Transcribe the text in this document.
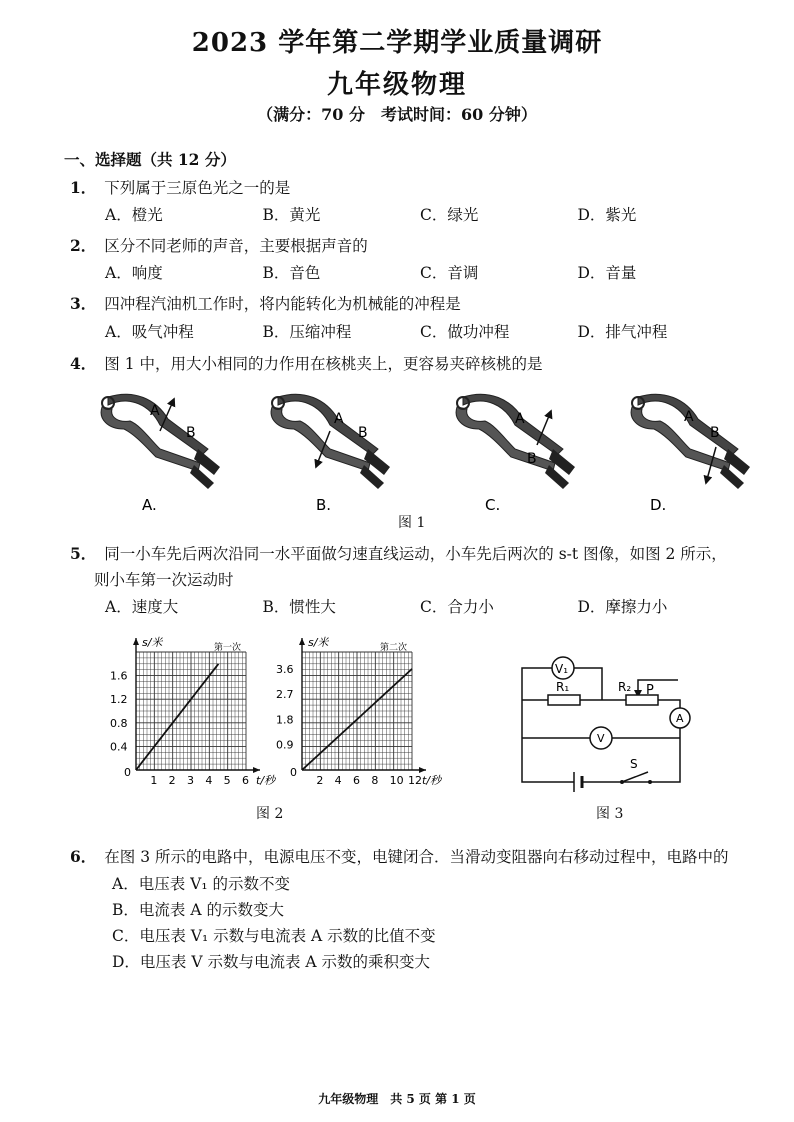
2023 学年第二学期学业质量调研
九年级物理
（满分：70 分　考试时间：60 分钟）
一、选择题（共 12 分）
1． 下列属于三原色光之一的是
A．橙光	B．黄光	C．绿光	D．紫光
2． 区分不同老师的声音，主要根据声音的
A．响度	B．音色	C．音调	D．音量
3． 四冲程汽油机工作时，将内能转化为机械能的冲程是
A．吸气冲程	B．压缩冲程	C．做功冲程	D．排气冲程
4． 图 1 中，用大小相同的力作用在核桃夹上，更容易夹碎核桃的是
A
B
A.
A
B
B.
A
B
C.
A
B
D.
图 1
5． 同一小车先后两次沿同一水平面做匀速直线运动，小车先后两次的 s-t 图像，如图 2 所示，
则小车第一次运动时
A．速度大	B．惯性大	C．合力小	D．摩擦力小
1 2 3 4 5 6
0.4
0.8
1.2
1.6
0
s/米
t/秒
第一次
2 4 6 8 10 12
0.9
1.8
2.7
3.6
0
s/米
t/秒
第二次
图 2
V₁
R₁	R₂ P
A
V
S
图 3
6． 在图 3 所示的电路中，电源电压不变，电键闭合．当滑动变阻器向右移动过程中，电路中的
A．电压表 V₁ 的示数不变
B．电流表 A 的示数变大
C．电压表 V₁ 示数与电流表 A 示数的比值不变
D．电压表 V 示数与电流表 A 示数的乘积变大
九年级物理　共 5 页 第 1 页
